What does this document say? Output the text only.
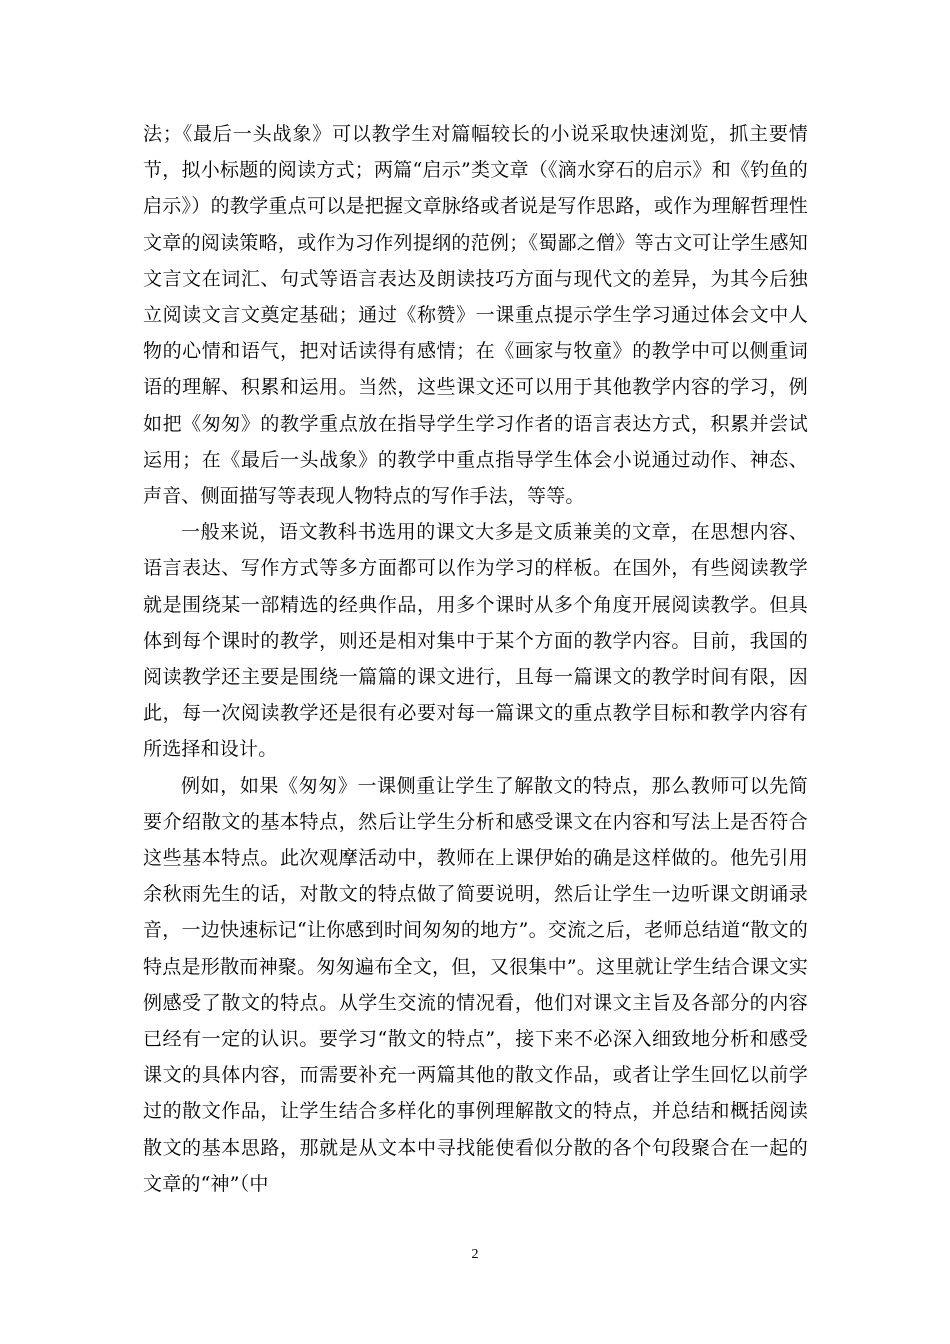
法；《最后一头战象》可以教学生对篇幅较长的小说采取快速浏览，抓主要情节，拟小标题的阅读方式；两篇“启示”类文章（《滴水穿石的启示》和《钓鱼的启示》）的教学重点可以是把握文章脉络或者说是写作思路，或作为理解哲理性文章的阅读策略，或作为习作列提纲的范例；《蜀鄙之僧》等古文可让学生感知文言文在词汇、句式等语言表达及朗读技巧方面与现代文的差异，为其今后独立阅读文言文奠定基础；通过《称赞》一课重点提示学生学习通过体会文中人物的心情和语气，把对话读得有感情；在《画家与牧童》的教学中可以侧重词语的理解、积累和运用。当然，这些课文还可以用于其他教学内容的学习，例如把《匆匆》的教学重点放在指导学生学习作者的语言表达方式，积累并尝试运用；在《最后一头战象》的教学中重点指导学生体会小说通过动作、神态、声音、侧面描写等表现人物特点的写作手法，等等。

一般来说，语文教科书选用的课文大多是文质兼美的文章，在思想内容、语言表达、写作方式等多方面都可以作为学习的样板。在国外，有些阅读教学就是围绕某一部精选的经典作品，用多个课时从多个角度开展阅读教学。但具体到每个课时的教学，则还是相对集中于某个方面的教学内容。目前，我国的阅读教学还主要是围绕一篇篇的课文进行，且每一篇课文的教学时间有限，因此，每一次阅读教学还是很有必要对每一篇课文的重点教学目标和教学内容有所选择和设计。

例如，如果《匆匆》一课侧重让学生了解散文的特点，那么教师可以先简要介绍散文的基本特点，然后让学生分析和感受课文在内容和写法上是否符合这些基本特点。此次观摩活动中，教师在上课伊始的确是这样做的。他先引用余秋雨先生的话，对散文的特点做了简要说明，然后让学生一边听课文朗诵录音，一边快速标记“让你感到时间匆匆的地方”。交流之后，老师总结道“散文的特点是形散而神聚。匆匆遍布全文，但，又很集中”。这里就让学生结合课文实例感受了散文的特点。从学生交流的情况看，他们对课文主旨及各部分的内容已经有一定的认识。要学习“散文的特点”，接下来不必深入细致地分析和感受课文的具体内容，而需要补充一两篇其他的散文作品，或者让学生回忆以前学过的散文作品，让学生结合多样化的事例理解散文的特点，并总结和概括阅读散文的基本思路，那就是从文本中寻找能使看似分散的各个句段聚合在一起的文章的“神”（中

2
